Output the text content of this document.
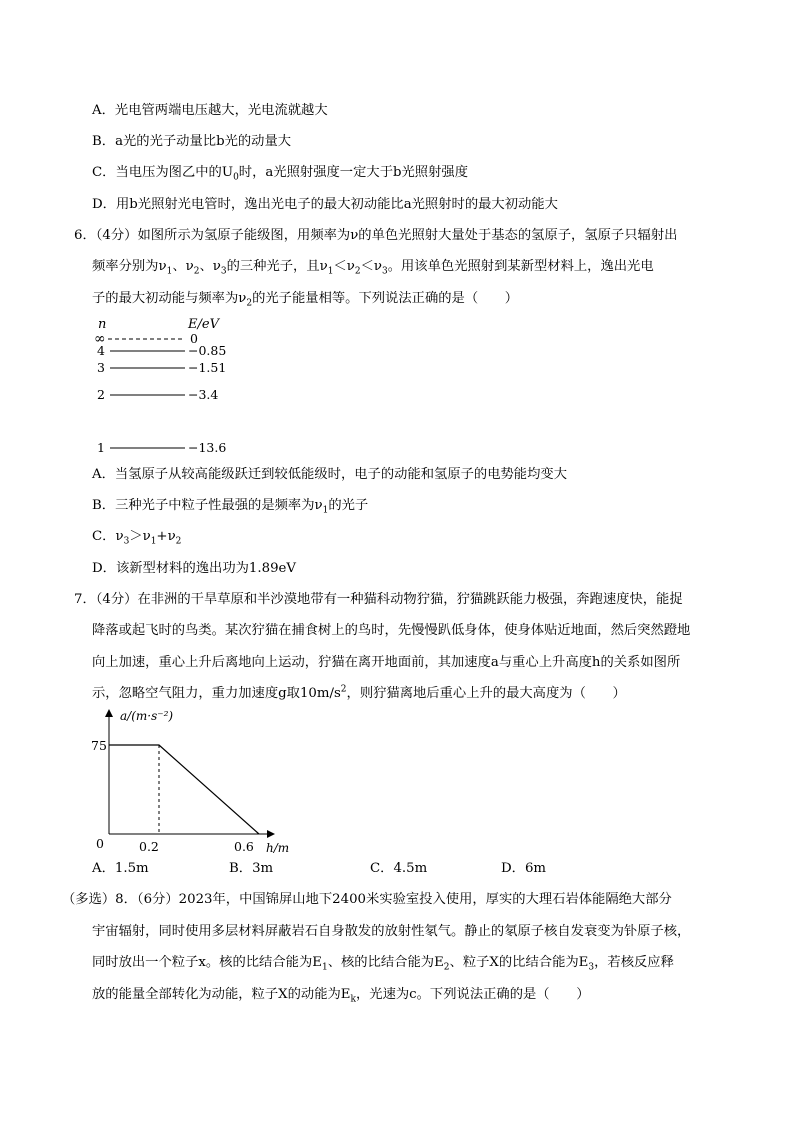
A．光电管两端电压越大，光电流就越大
B．a光的光子动量比b光的动量大
C．当电压为图乙中的$U_0$时，a光照射强度一定大于b光照射强度
D．用b光照射光电管时，逸出光电子的最大初动能比a光照射时的最大初动能大
6．（4分）如图所示为氢原子能级图，用频率为ν的单色光照射大量处于基态的氢原子，氢原子只辐射出
频率分别为$\nu_1$、$\nu_2$、$\nu_3$的三种光子，且$\nu_1<\nu_2<\nu_3$。用该单色光照射到某新型材料上，逸出光电
子的最大初动能与频率为$\nu_2$的光子能量相等。下列说法正确的是（　　）
n	E/eV
∞	0
4	−0.85
3	−1.51
2	−3.4
1	−13.6
A．当氢原子从较高能级跃迁到较低能级时，电子的动能和氢原子的电势能均变大
B．三种光子中粒子性最强的是频率为$\nu_1$的光子
C．$\nu_3>\nu_1+\nu_2$
D．该新型材料的逸出功为1.89eV
7．（4分）在非洲的干旱草原和半沙漠地带有一种猫科动物狞猫，狞猫跳跃能力极强，奔跑速度快，能捉
降落或起飞时的鸟类。某次狞猫在捕食树上的鸟时，先慢慢趴低身体，使身体贴近地面，然后突然蹬地
向上加速，重心上升后离地向上运动，狞猫在离开地面前，其加速度a与重心上升高度h的关系如图所
示，忽略空气阻力，重力加速度g取$10m/s^2$，则狞猫离地后重心上升的最大高度为（　　）
a/(m·s⁻²)
h/m
75
0	0.2	0.6
A．1.5m	B．3m	C．4.5m	D．6m
（多选）8．（6分）2023年，中国锦屏山地下2400米实验室投入使用，厚实的大理石岩体能隔绝大部分
宇宙辐射，同时使用多层材料屏蔽岩石自身散发的放射性氡气。静止的氡原子核自发衰变为钋原子核，
同时放出一个粒子x。核的比结合能为$E_1$、核的比结合能为$E_2$、粒子X的比结合能为$E_3$，若核反应释
放的能量全部转化为动能，粒子X的动能为$E_k$，光速为c。下列说法正确的是（　　）
